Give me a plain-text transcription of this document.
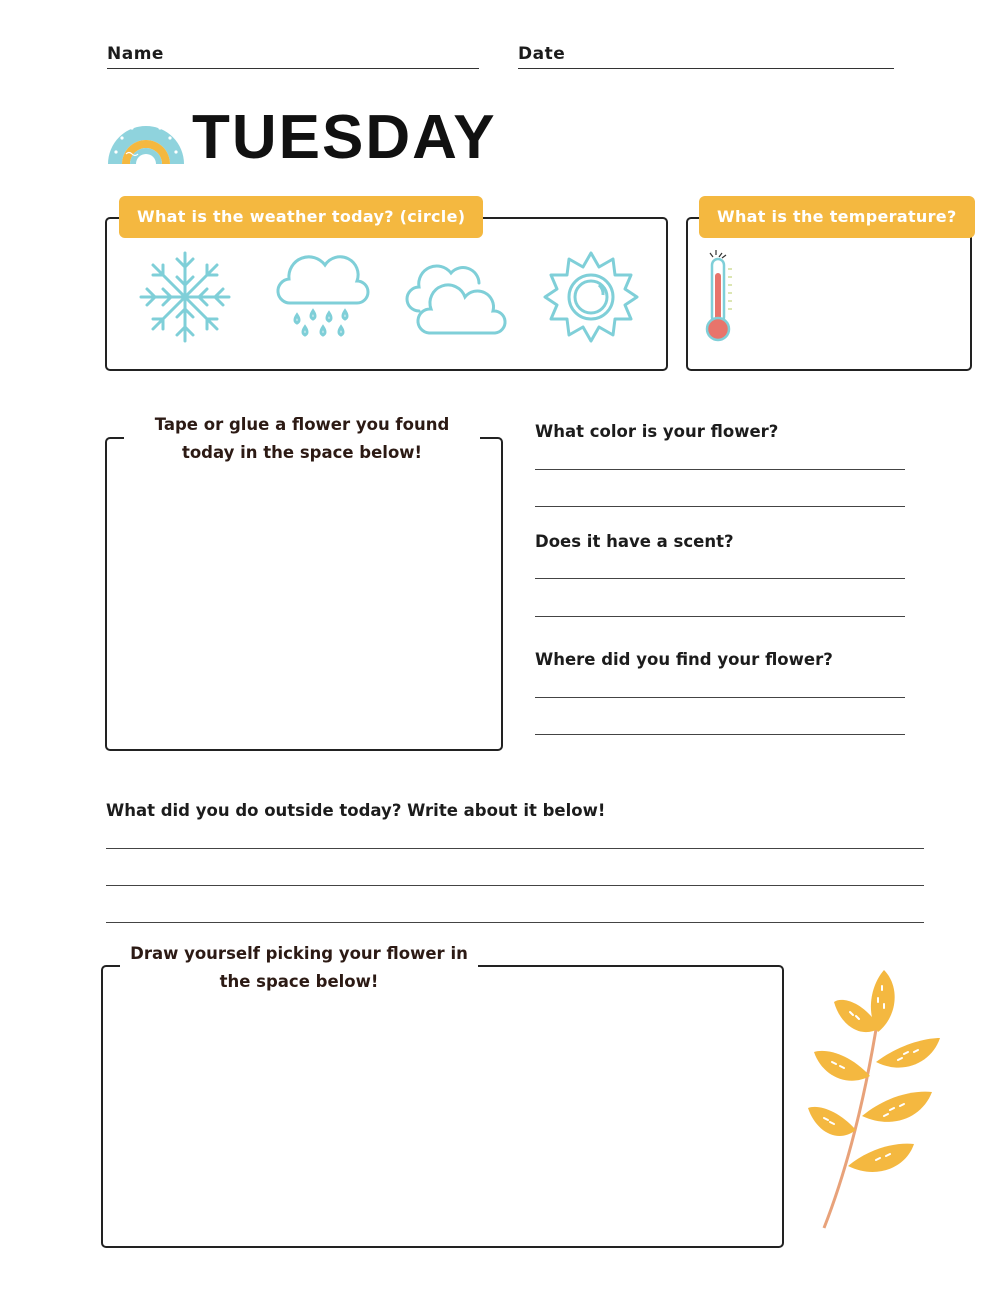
Name	Date
TUESDAY
What is the weather today? (circle)	What is the temperature?
Tape or glue a flower you found
today in the space below!
What color is your flower?
Does it have a scent?
Where did you find your flower?
What did you do outside today? Write about it below!
Draw yourself picking your flower in
the space below!
